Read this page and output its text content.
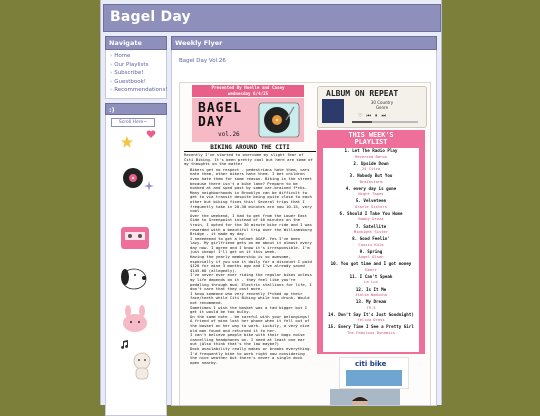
Bagel Day
Navigate
› Home
› Our Playlists
› Subscribe!
› Guestbook!
› Recommendations!
:)
Scroll Here~
Weekly Flyer
Bagel Day Vol.26
Presented By Noelle and Casey
wednesday 6/4/25
BAGEL DAY
vol.26
BIKING AROUND THE CITI

Recently I've started to overcome my slight fear of Citi Biking. It's been pretty cool but here are some of my thoughts on the matter

• Bikers get no respect - pedestrians hate them, cars hate them, other bikers hate them. I bet children even hate them for some reason. Biking in the street because there isn't a bike lane? Prepare to be honked at and sped past by some car-brained f*cks.
• Many neighborhoods in Brooklyn can be difficult to get to via transit despite being quite close to each other but biking fixes this! Several trips that I frequently take in 20-30 minutes are now 10-15, very cool.
• Over the weekend, I had to get from the Lower East Side to Greenpoint instead of 40 minutes on the train, I opted for the 30 minute bike ride and I was rewarded with a beautiful trip over the Williamsburg Bridge - it made my day.
• I neeeeeeed to get a helmet ASAP. Yes I've been lazy. My girlfriend gets on me about it almost every day now. I agree and I know it's irresponsible. I'm just cheap! I'll get on it this week.
• Having the yearly membership is so awesome, especially if you use it daily for a discount I paid $126 for mine 3 months ago and I've already saved $145.60 (allegedly).
• I've never ever ever riding the regular bikes unless my life depends on it - they feel like you're pedaling through mud. Electric stallions for life, I don't care that they cost more.
• I know someone who very recently f*cked up their face/teeth while Citi Biking while too drunk. Would not recommend.
• Sometimes I wish the basket was a tad bigger but I get it would be too bulky.
• On the same note - be careful with your belongings! A friend of mine lost her phone when it fell out of the basket on her way to work. Luckily, a very nice old man found and returned it to her.
• I can't believe people bike with their bags noise cancelling headphones on. I need at least one ear out (Also think that's the law maybe?)
• Dock availability really makes or breaks everything. I'd frequently bike to work right now considering the nice weather but there's never a single dock open nearby.
ALBUM ON REPEAT
30 Country
Genre
♡⏮⏸⏭
THIS WEEK'S PLAYLIST
1. Let The Radio Play
Reverend Baron
2. Upside Down
24 Citra
3. Nobody But You
Brainstorm
4. every day is gone
Night Tapes
5. Velveteen
Oracle Sisters
6. Should I Take You Home
Bobby Oroza
7. Satellite
Midnight Sister
8. Good Feelin'
Cousin Kula
9. Spring
Angel Olsen
10. You got time and I got money
Emerz
11. I Can't Speak
La Luz
12. Is It Me
Italia Nadinho
13. My Dream
79.5
14. Don't Say It's Just Goodnight)
Yellow Dress
15. Every Time I See a Pretty Girl
The Fabulous Dynamics
citi bike
